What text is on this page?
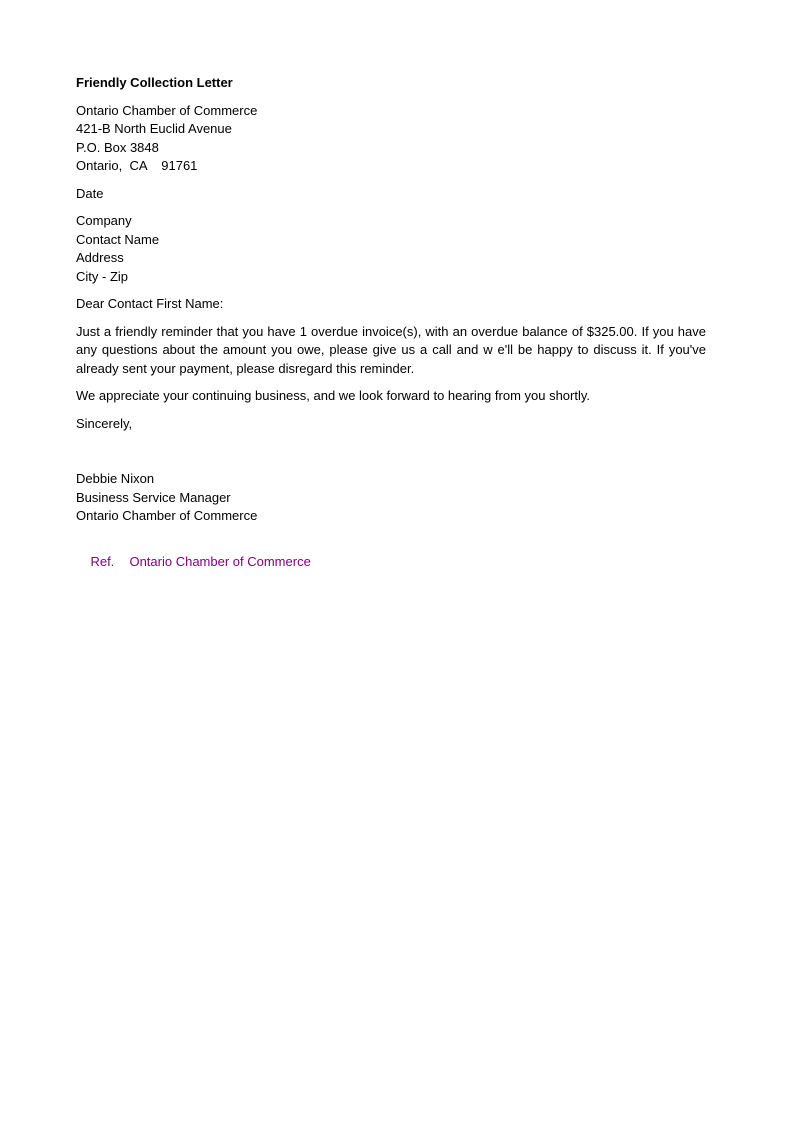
Friendly Collection Letter
Ontario Chamber of Commerce
421-B North Euclid Avenue
P.O. Box 3848
Ontario,  CA    91761
Date
Company
Contact Name
Address
City - Zip
Dear Contact First Name:

Just a friendly reminder that you have 1 overdue invoice(s), with an overdue balance of $325.00. If you have any questions about the amount you owe, please give us a call and w e'll be happy to discuss it. If you've already sent your payment, please disregard this reminder.

We appreciate your continuing business, and we look forward to hearing from you shortly.

Sincerely,
Debbie Nixon
Business Service Manager
Ontario Chamber of Commerce

Ref. Ontario Chamber of Commerce
